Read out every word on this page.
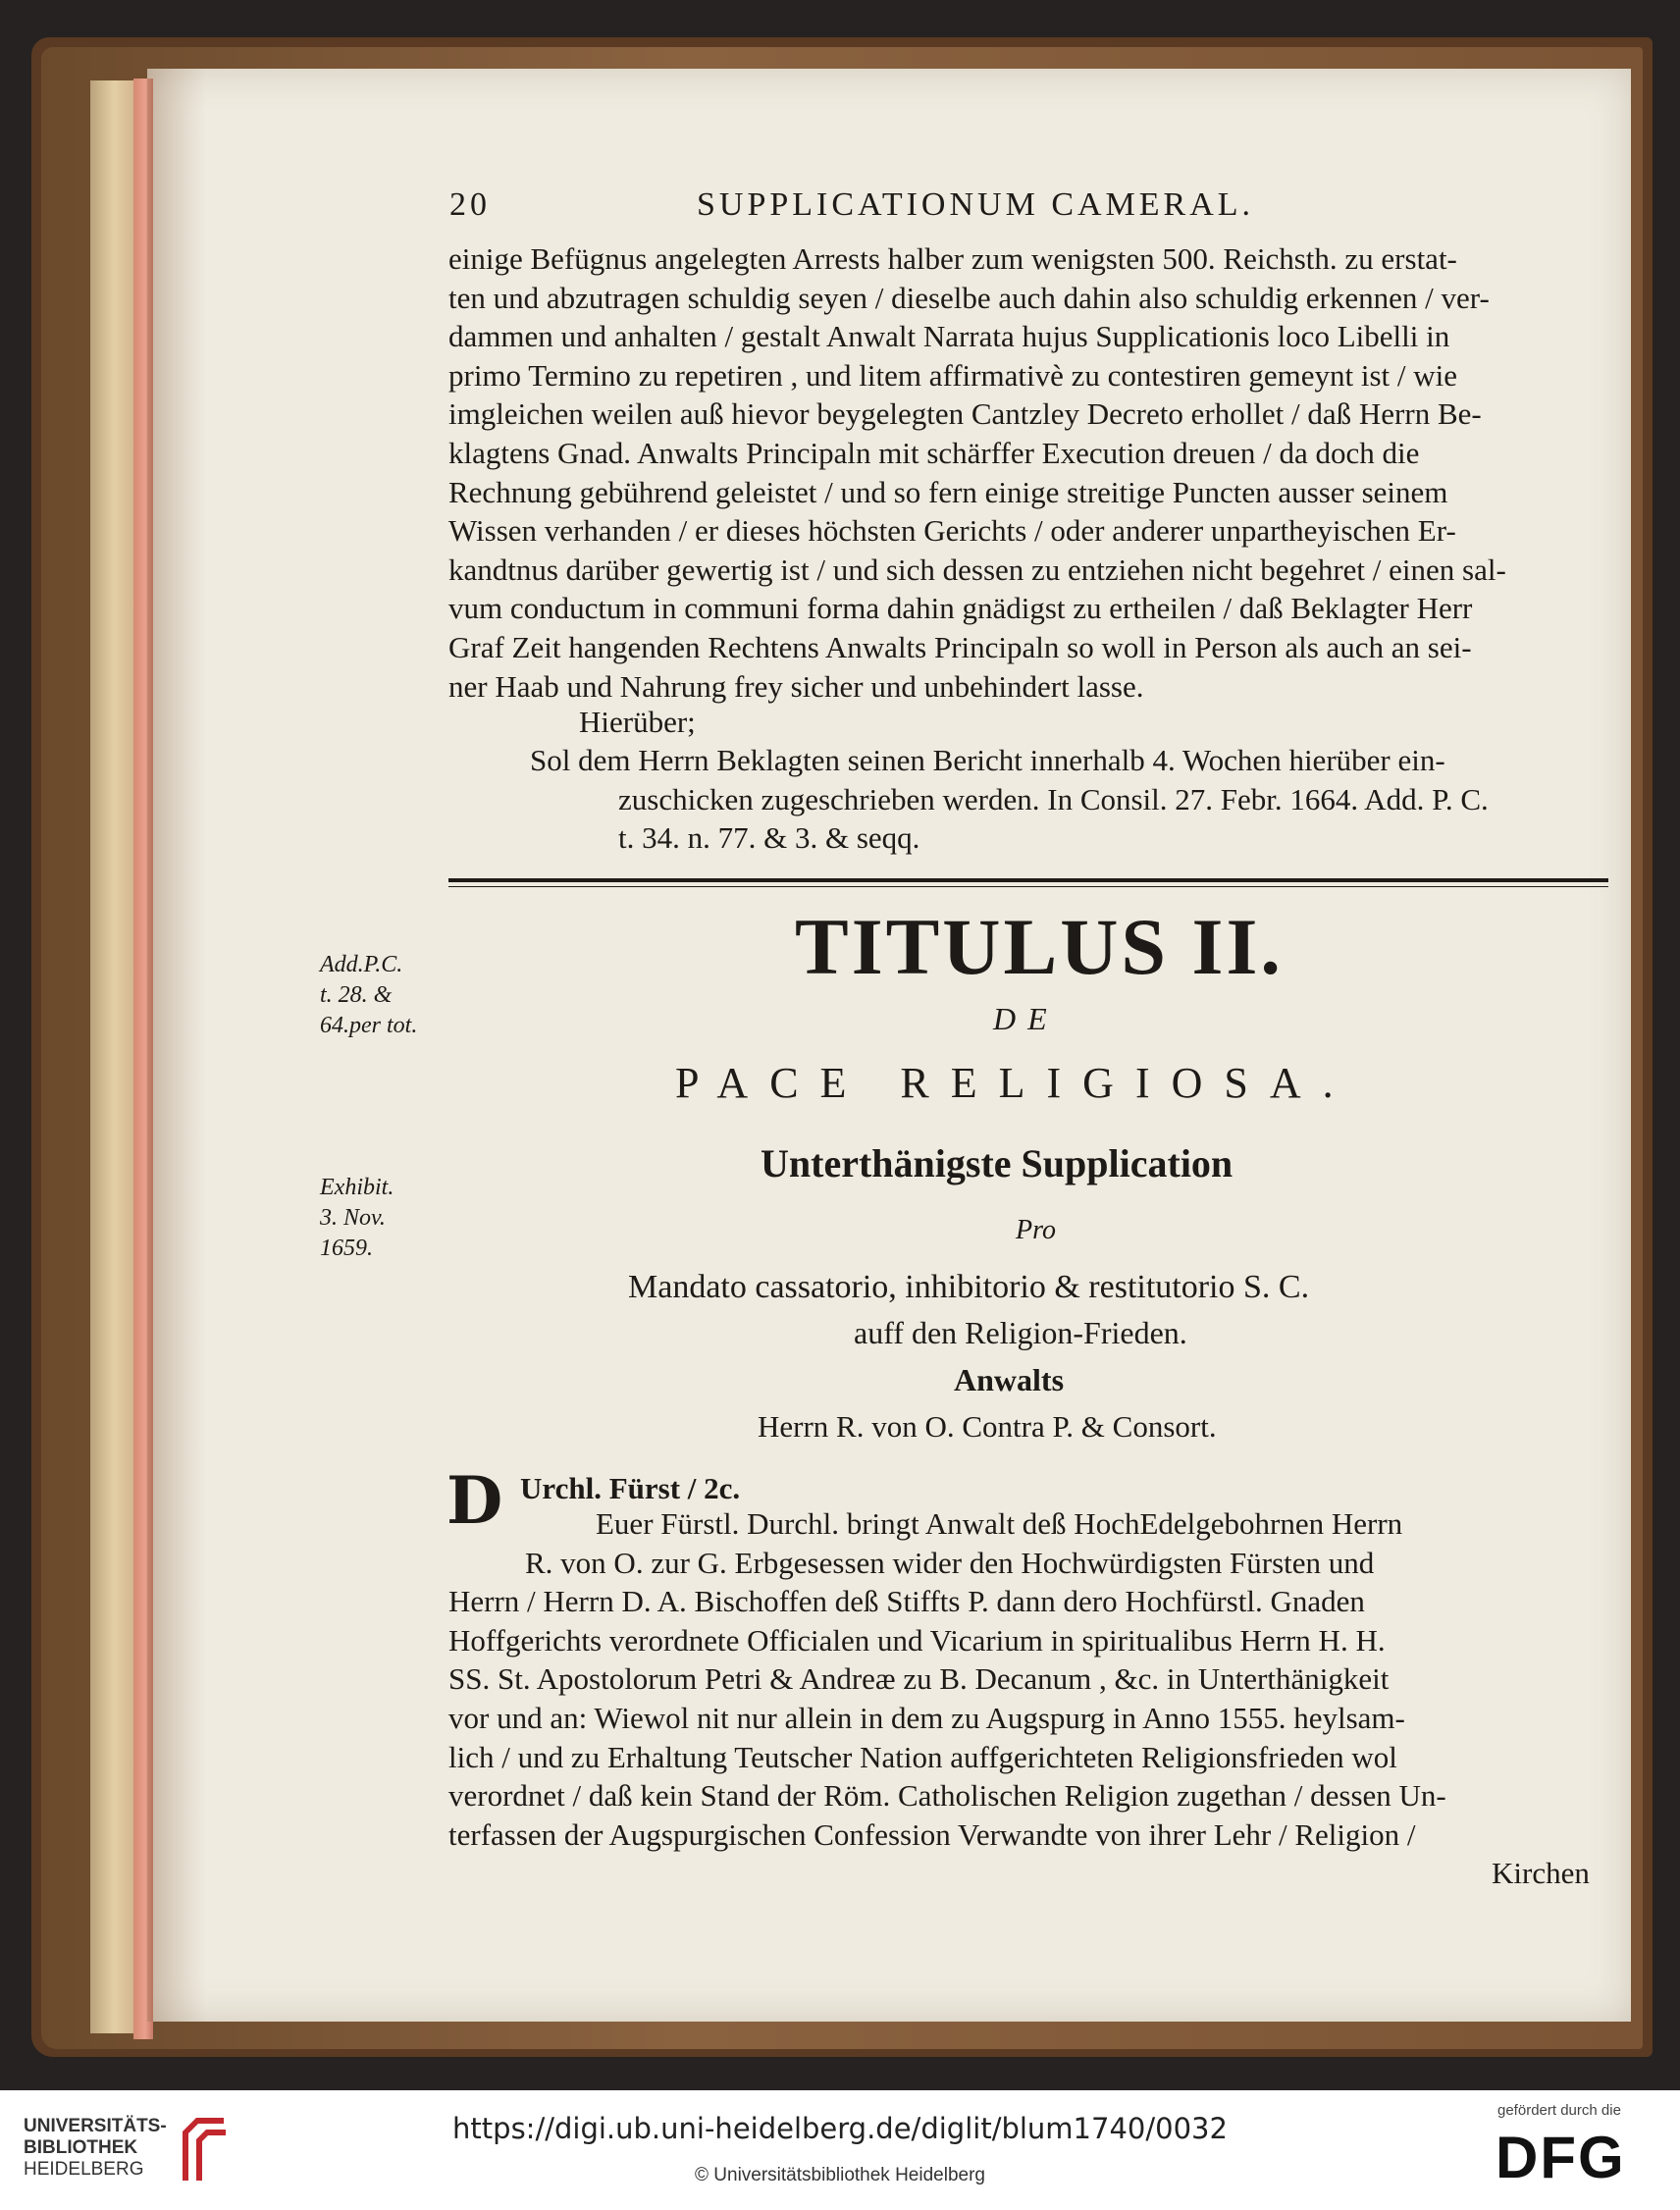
20	SUPPLICATIONUM CAMERAL.
einige Befügnus angelegten Arrests halber zum wenigsten 500. Reichsth. zu erstat-
ten und abzutragen schuldig seyen / dieselbe auch dahin also schuldig erkennen / ver-
dammen und anhalten / gestalt Anwalt Narrata hujus Supplicationis loco Libelli in
primo Termino zu repetiren , und litem affirmativè zu contestiren gemeynt ist / wie
imgleichen weilen auß hievor beygelegten Cantzley Decreto erhollet / daß Herrn Be-
klagtens Gnad. Anwalts Principaln mit schärffer Execution dreuen / da doch die
Rechnung gebührend geleistet / und so fern einige streitige Puncten ausser seinem
Wissen verhanden / er dieses höchsten Gerichts / oder anderer unpartheyischen Er-
kandtnus darüber gewertig ist / und sich dessen zu entziehen nicht begehret / einen sal-
vum conductum in communi forma dahin gnädigst zu ertheilen / daß Beklagter Herr
Graf Zeit hangenden Rechtens Anwalts Principaln so woll in Person als auch an sei-
ner Haab und Nahrung frey sicher und unbehindert lasse.
Hierüber;
Sol dem Herrn Beklagten seinen Bericht innerhalb 4. Wochen hierüber ein-
zuschicken zugeschrieben werden. In Consil. 27. Febr. 1664. Add. P. C.
t. 34. n. 77. & 3. & seqq.
Add.P.C.
t. 28. &
64.per tot.
Exhibit.
3. Nov.
1659.
TITULUS II.
DE
PACE RELIGIOSA.
Unterthänigste Supplication
Pro
Mandato cassatorio, inhibitorio & restitutorio S. C.
auff den Religion-Frieden.
Anwalts
Herrn R. von O. Contra P. & Consort.
D Urchl. Fürst / 2c.
Euer Fürstl. Durchl. bringt Anwalt deß HochEdelgebohrnen Herrn
R. von O. zur G. Erbgesessen wider den Hochwürdigsten Fürsten und
Herrn / Herrn D. A. Bischoffen deß Stiffts P. dann dero Hochfürstl. Gnaden
Hoffgerichts verordnete Officialen und Vicarium in spiritualibus Herrn H. H.
SS. St. Apostolorum Petri & Andreæ zu B. Decanum , &c. in Unterthänigkeit
vor und an: Wiewol nit nur allein in dem zu Augspurg in Anno 1555. heylsam-
lich / und zu Erhaltung Teutscher Nation auffgerichteten Religionsfrieden wol
verordnet / daß kein Stand der Röm. Catholischen Religion zugethan / dessen Un-
terfassen der Augspurgischen Confession Verwandte von ihrer Lehr / Religion /
Kirchen
UNIVERSITÄTS-
BIBLIOTHEK
HEIDELBERG
https://digi.ub.uni-heidelberg.de/diglit/blum1740/0032
© Universitätsbibliothek Heidelberg
gefördert durch die
DFG
